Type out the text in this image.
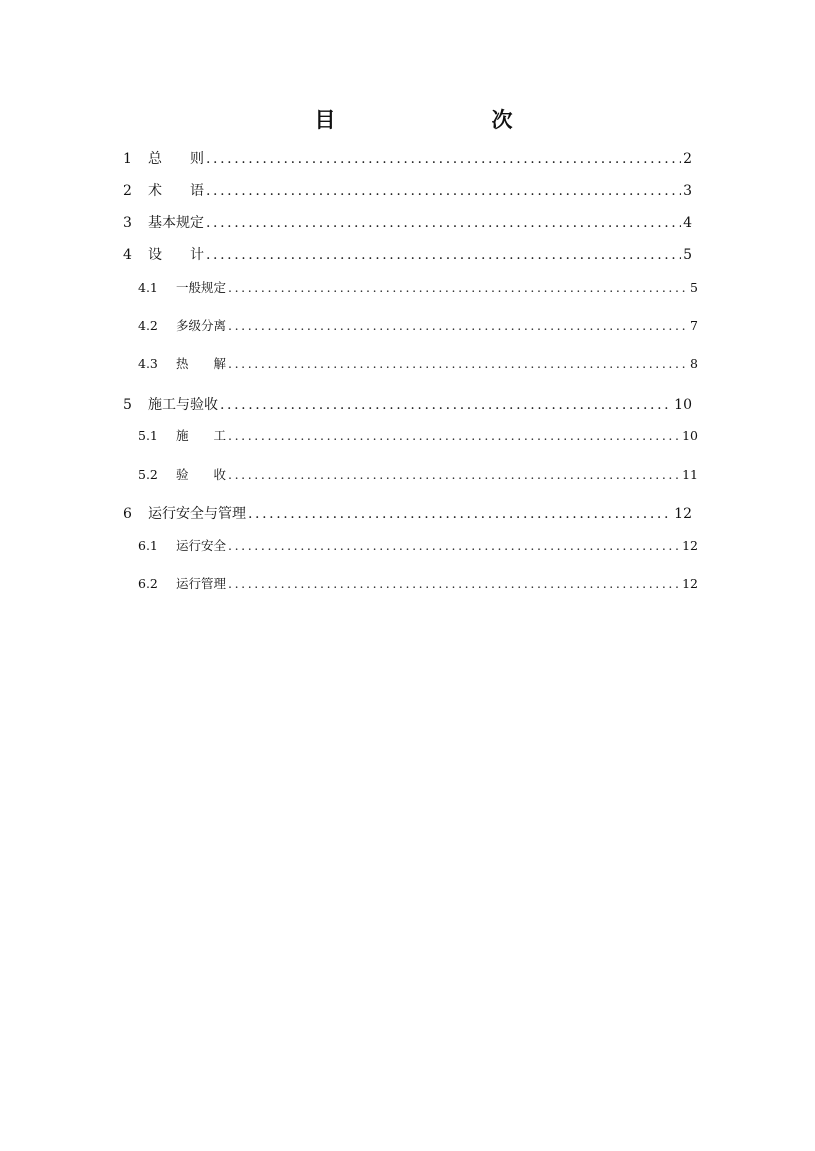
目　　次
1	总　　则 .....	2
2	术　　语 .....	3
3	基本规定 .....	4
4	设　　计 .....	5
4.1	一般规定 .....	5
4.2	多级分离 .....	7
4.3	热　　解 .....	8
5	施工与验收 .....	10
5.1	施　　工 .....	10
5.2	验　　收 .....	11
6	运行安全与管理 .....	12
6.1	运行安全 .....	12
6.2	运行管理 .....	12
